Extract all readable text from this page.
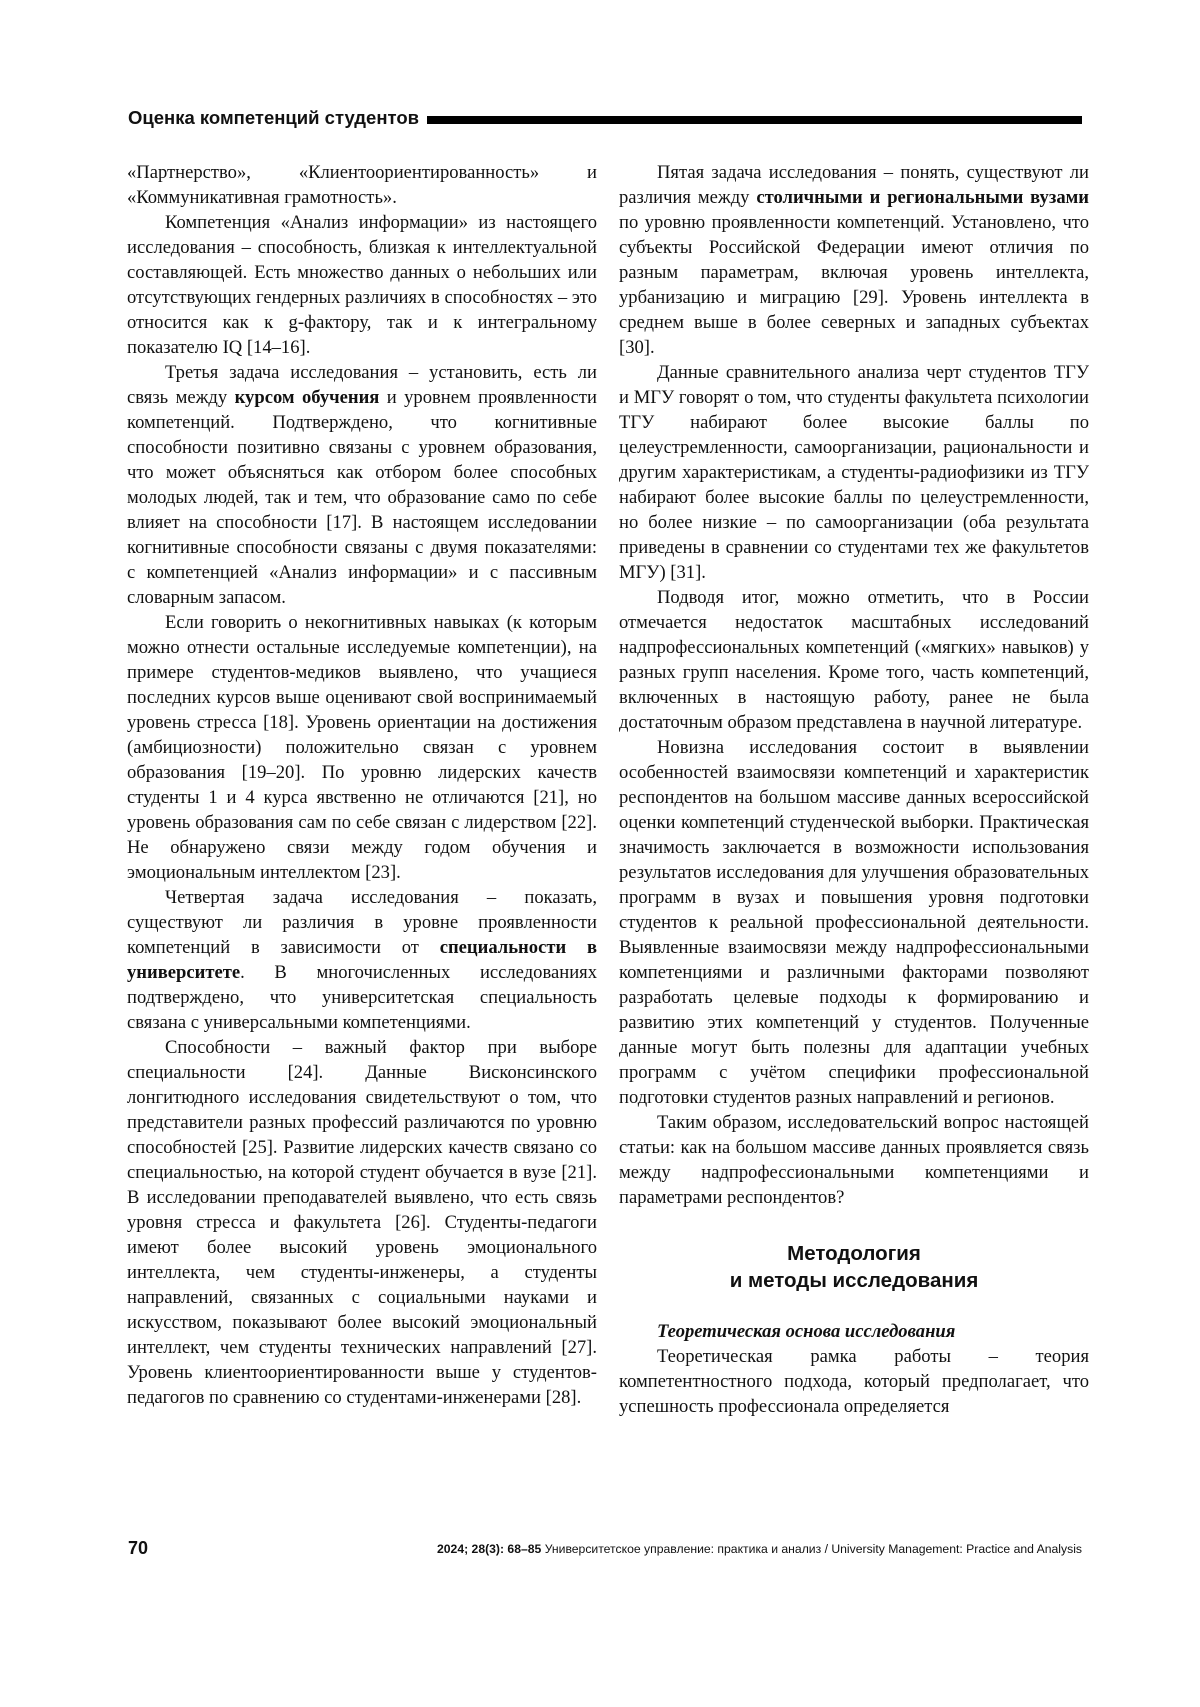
Оценка компетенций студентов

«Партнерство», «Клиентоориентированность» и «Коммуникативная грамотность».

Компетенция «Анализ информации» из настоящего исследования – способность, близкая к интеллектуальной составляющей. Есть множество данных о небольших или отсутствующих гендерных различиях в способностях – это относится как к g-фактору, так и к интегральному показателю IQ [14–16].

Третья задача исследования – установить, есть ли связь между курсом обучения и уровнем проявленности компетенций. Подтверждено, что когнитивные способности позитивно связаны с уровнем образования, что может объясняться как отбором более способных молодых людей, так и тем, что образование само по себе влияет на способности [17]. В настоящем исследовании когнитивные способности связаны с двумя показателями: с компетенцией «Анализ информации» и с пассивным словарным запасом.

Если говорить о некогнитивных навыках (к которым можно отнести остальные исследуемые компетенции), на примере студентов-медиков выявлено, что учащиеся последних курсов выше оценивают свой воспринимаемый уровень стресса [18]. Уровень ориентации на достижения (амбициозности) положительно связан с уровнем образования [19–20]. По уровню лидерских качеств студенты 1 и 4 курса явственно не отличаются [21], но уровень образования сам по себе связан с лидерством [22]. Не обнаружено связи между годом обучения и эмоциональным интеллектом [23].

Четвертая задача исследования – показать, существуют ли различия в уровне проявленности компетенций в зависимости от специальности в университете. В многочисленных исследованиях подтверждено, что университетская специальность связана с универсальными компетенциями.

Способности – важный фактор при выборе специальности [24]. Данные Висконсинского лонгитюдного исследования свидетельствуют о том, что представители разных профессий различаются по уровню способностей [25]. Развитие лидерских качеств связано со специальностью, на которой студент обучается в вузе [21]. В исследовании преподавателей выявлено, что есть связь уровня стресса и факультета [26]. Студенты-педагоги имеют более высокий уровень эмоционального интеллекта, чем студенты-инженеры, а студенты направлений, связанных с социальными науками и искусством, показывают более высокий эмоциональный интеллект, чем студенты технических направлений [27]. Уровень клиентоориентированности выше у студентов-педагогов по сравнению со студентами-инженерами [28].

Пятая задача исследования – понять, существуют ли различия между столичными и региональными вузами по уровню проявленности компетенций. Установлено, что субъекты Российской Федерации имеют отличия по разным параметрам, включая уровень интеллекта, урбанизацию и миграцию [29]. Уровень интеллекта в среднем выше в более северных и западных субъектах [30].

Данные сравнительного анализа черт студентов ТГУ и МГУ говорят о том, что студенты факультета психологии ТГУ набирают более высокие баллы по целеустремленности, самоорганизации, рациональности и другим характеристикам, а студенты-радиофизики из ТГУ набирают более высокие баллы по целеустремленности, но более низкие – по самоорганизации (оба результата приведены в сравнении со студентами тех же факультетов МГУ) [31].

Подводя итог, можно отметить, что в России отмечается недостаток масштабных исследований надпрофессиональных компетенций («мягких» навыков) у разных групп населения. Кроме того, часть компетенций, включенных в настоящую работу, ранее не была достаточным образом представлена в научной литературе.

Новизна исследования состоит в выявлении особенностей взаимосвязи компетенций и характеристик респондентов на большом массиве данных всероссийской оценки компетенций студенческой выборки. Практическая значимость заключается в возможности использования результатов исследования для улучшения образовательных программ в вузах и повышения уровня подготовки студентов к реальной профессиональной деятельности. Выявленные взаимосвязи между надпрофессиональными компетенциями и различными факторами позволяют разработать целевые подходы к формированию и развитию этих компетенций у студентов. Полученные данные могут быть полезны для адаптации учебных программ с учётом специфики профессиональной подготовки студентов разных направлений и регионов.

Таким образом, исследовательский вопрос настоящей статьи: как на большом массиве данных проявляется связь между надпрофессиональными компетенциями и параметрами респондентов?

Методология
и методы исследования

Теоретическая основа исследования

Теоретическая рамка работы – теория компетентностного подхода, который предполагает, что успешность профессионала определяется

70	2024; 28(3): 68–85 Университетское управление: практика и анализ / University Management: Practice and Analysis
